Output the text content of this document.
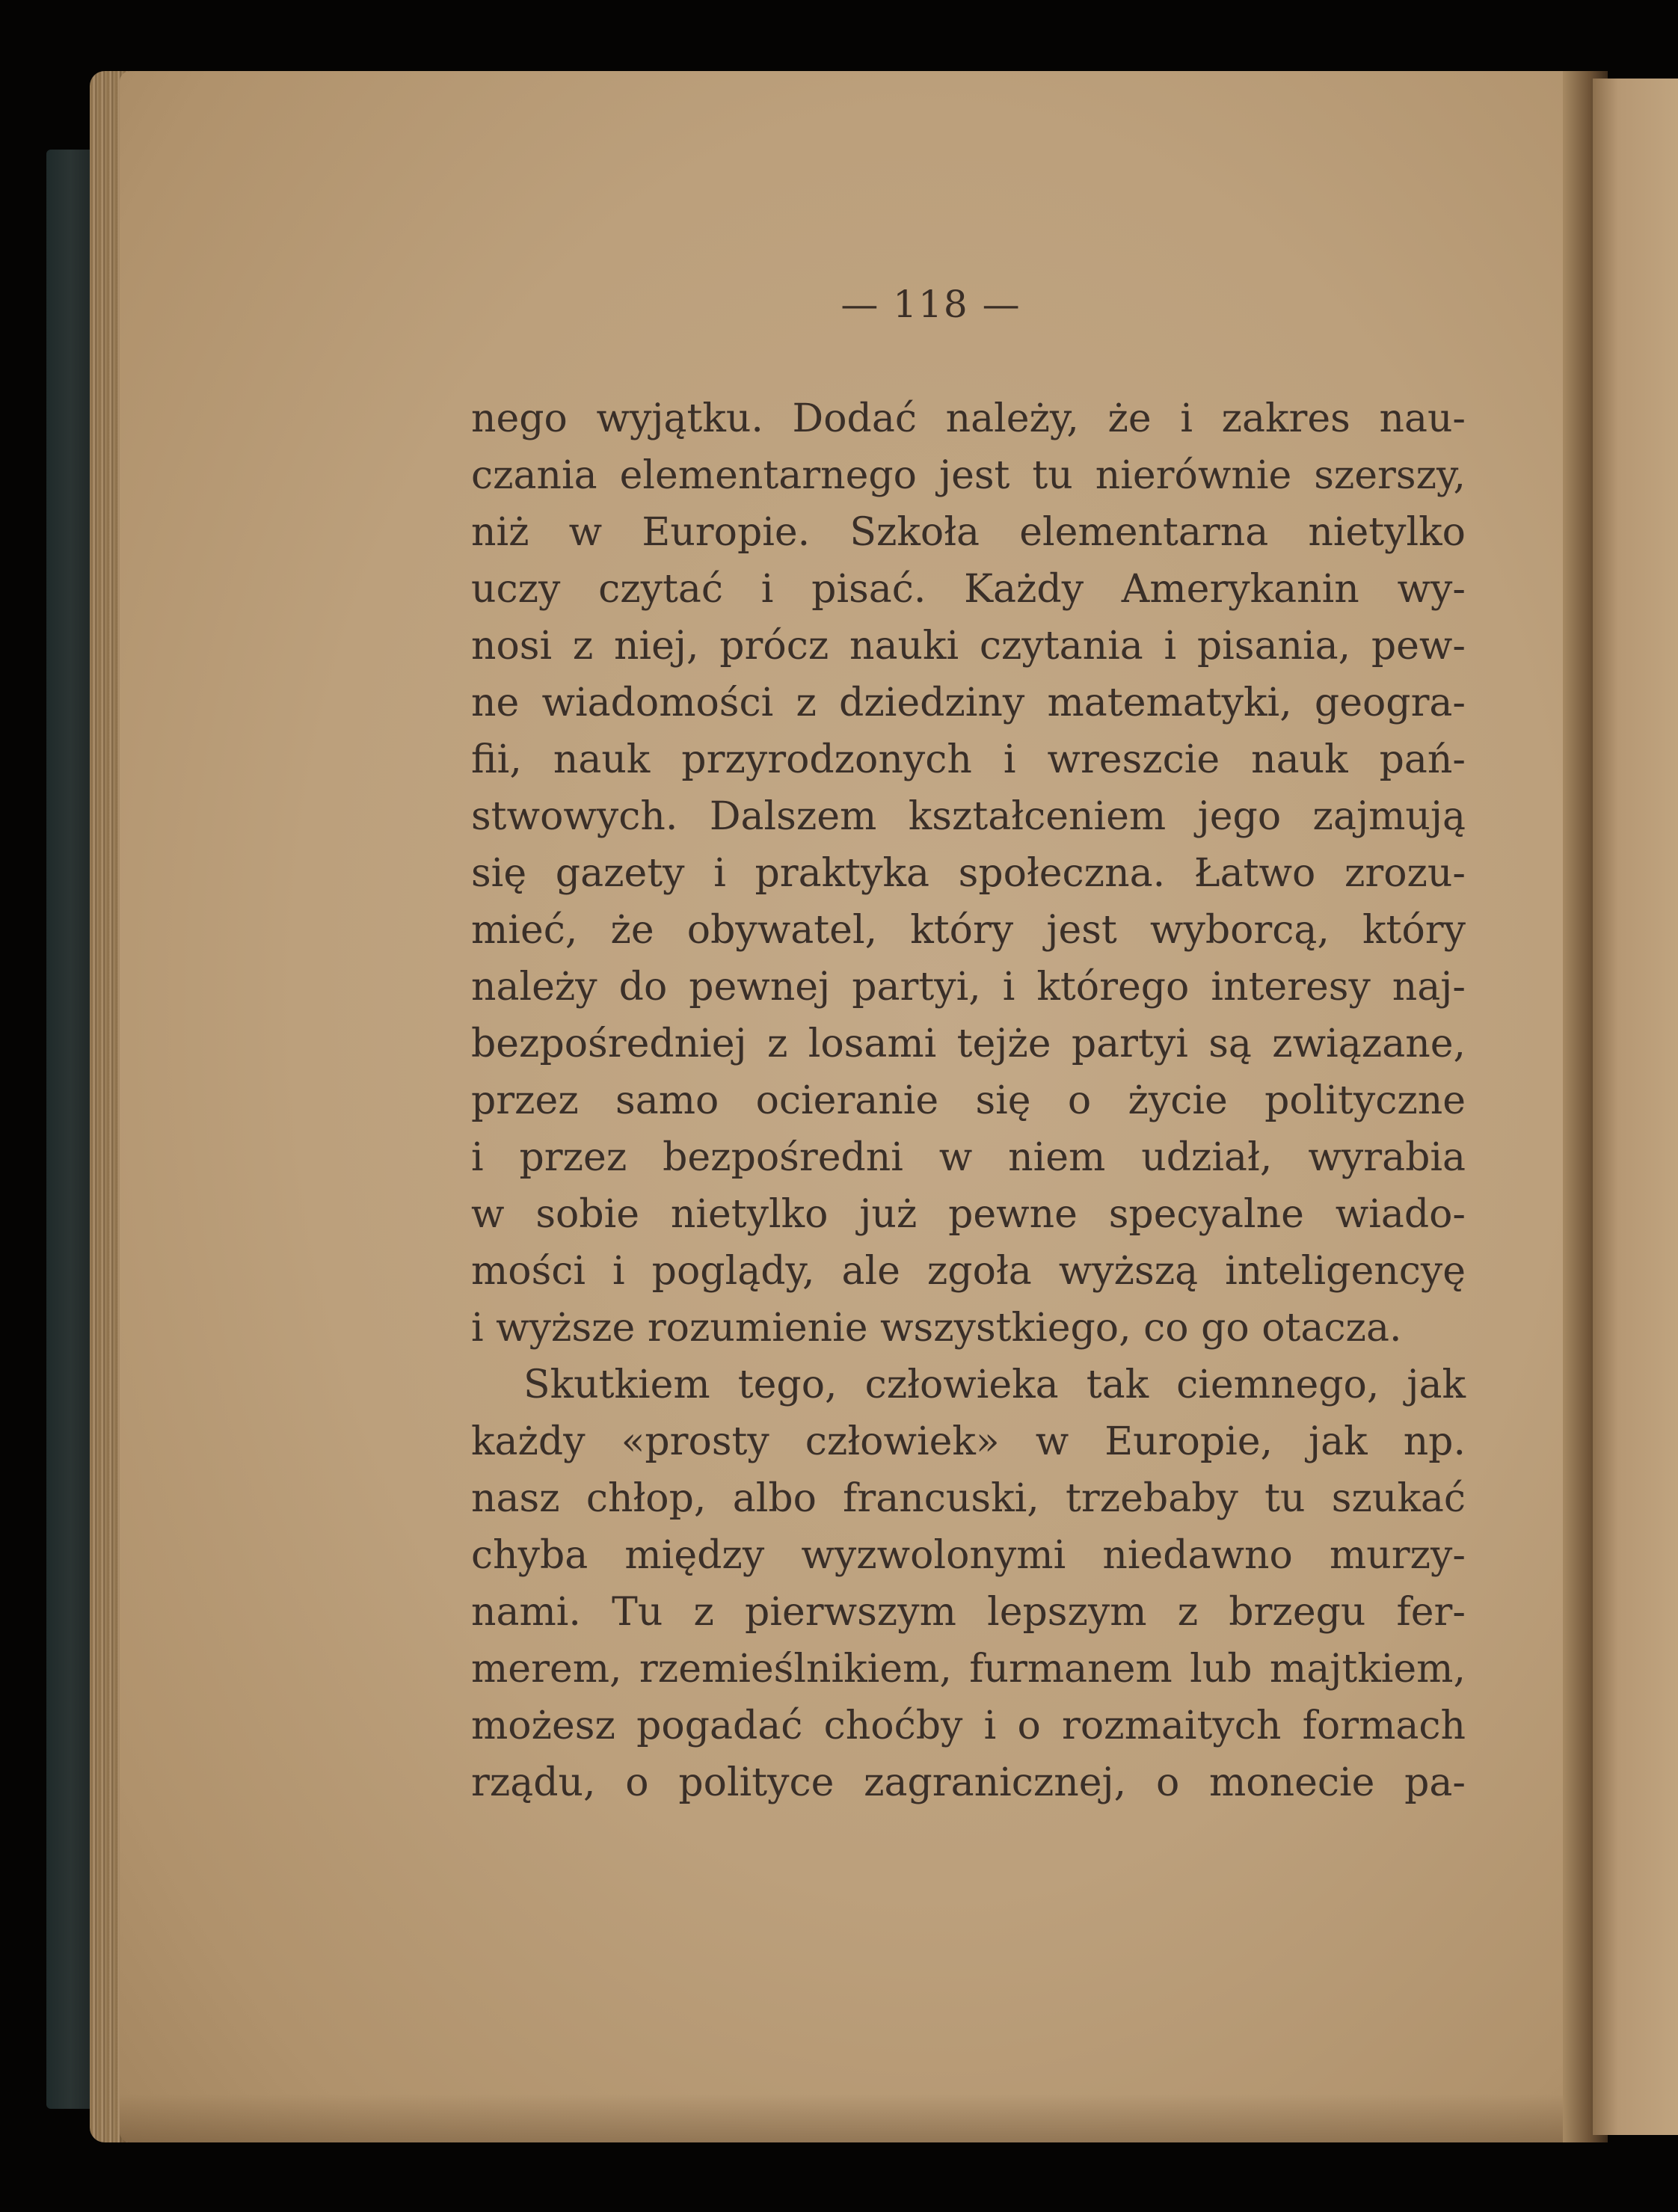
— 118 —
nego wyjątku. Dodać należy, że i zakres nau-
czania elementarnego jest tu nierównie szerszy,
niż w Europie. Szkoła elementarna nietylko
uczy czytać i pisać. Każdy Amerykanin wy-
nosi z niej, prócz nauki czytania i pisania, pew-
ne wiadomości z dziedziny matematyki, geogra-
fii, nauk przyrodzonych i wreszcie nauk pań-
stwowych. Dalszem kształceniem jego zajmują
się gazety i praktyka społeczna. Łatwo zrozu-
mieć, że obywatel, który jest wyborcą, który
należy do pewnej partyi, i którego interesy naj-
bezpośredniej z losami tejże partyi są związane,
przez samo ocieranie się o życie polityczne
i przez bezpośredni w niem udział, wyrabia
w sobie nietylko już pewne specyalne wiado-
mości i poglądy, ale zgoła wyższą inteligencyę
i wyższe rozumienie wszystkiego, co go otacza.
Skutkiem tego, człowieka tak ciemnego, jak
każdy «prosty człowiek» w Europie, jak np.
nasz chłop, albo francuski, trzebaby tu szukać
chyba między wyzwolonymi niedawno murzy-
nami. Tu z pierwszym lepszym z brzegu fer-
merem, rzemieślnikiem, furmanem lub majtkiem,
możesz pogadać choćby i o rozmaitych formach
rządu, o polityce zagranicznej, o monecie pa-
